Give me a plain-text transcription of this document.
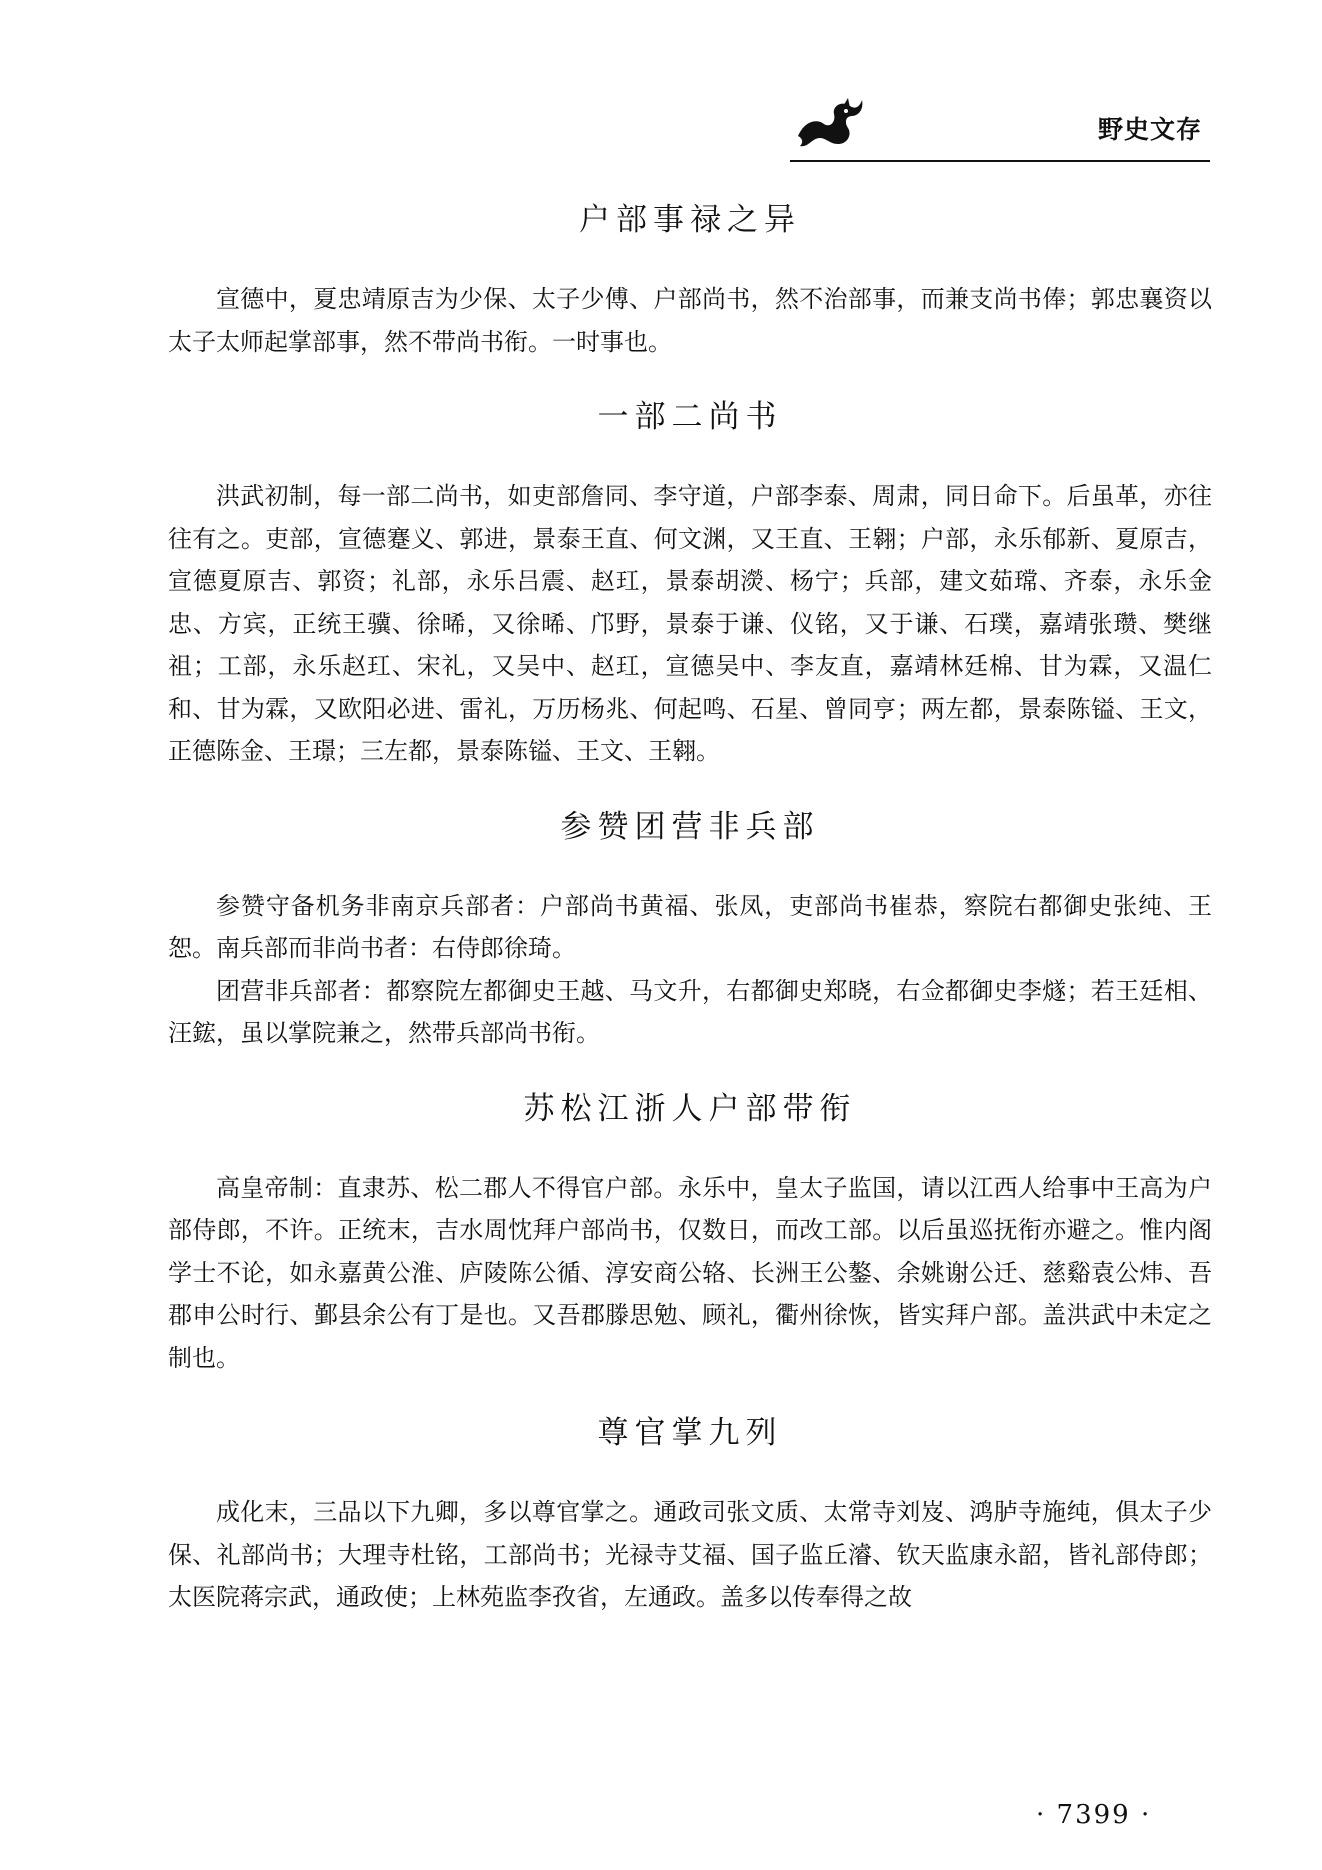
野史文存
户部事禄之异

宣德中，夏忠靖原吉为少保、太子少傅、户部尚书，然不治部事，而兼支尚书俸；郭忠襄资以太子太师起掌部事，然不带尚书衔。一时事也。

一部二尚书

洪武初制，每一部二尚书，如吏部詹同、李守道，户部李泰、周肃，同日命下。后虽革，亦往往有之。吏部，宣德蹇义、郭进，景泰王直、何文渊，又王直、王翱；户部，永乐郁新、夏原吉，宣德夏原吉、郭资；礼部，永乐吕震、赵玒，景泰胡濙、杨宁；兵部，建文茹瑺、齐泰，永乐金忠、方宾，正统王骥、徐晞，又徐晞、邝野，景泰于谦、仪铭，又于谦、石璞，嘉靖张瓒、樊继祖；工部，永乐赵玒、宋礼，又吴中、赵玒，宣德吴中、李友直，嘉靖林廷棉、甘为霖，又温仁和、甘为霖，又欧阳必进、雷礼，万历杨兆、何起鸣、石星、曾同亨；两左都，景泰陈镒、王文，正德陈金、王璟；三左都，景泰陈镒、王文、王翱。

参赞团营非兵部

参赞守备机务非南京兵部者：户部尚书黄福、张凤，吏部尚书崔恭，察院右都御史张纯、王恕。南兵部而非尚书者：右侍郎徐琦。

团营非兵部者：都察院左都御史王越、马文升，右都御史郑晓，右佥都御史李燧；若王廷相、汪鋐，虽以掌院兼之，然带兵部尚书衔。

苏松江浙人户部带衔

高皇帝制：直隶苏、松二郡人不得官户部。永乐中，皇太子监国，请以江西人给事中王高为户部侍郎，不许。正统末，吉水周忱拜户部尚书，仅数日，而改工部。以后虽巡抚衔亦避之。惟内阁学士不论，如永嘉黄公淮、庐陵陈公循、淳安商公辂、长洲王公鏊、余姚谢公迁、慈谿袁公炜、吾郡申公时行、鄞县余公有丁是也。又吾郡滕思勉、顾礼，衢州徐恢，皆实拜户部。盖洪武中未定之制也。

尊官掌九列

成化末，三品以下九卿，多以尊官掌之。通政司张文质、太常寺刘岌、鸿胪寺施纯，俱太子少保、礼部尚书；大理寺杜铭，工部尚书；光禄寺艾福、国子监丘濬、钦天监康永韶，皆礼部侍郎；太医院蒋宗武，通政使；上林苑监李孜省，左通政。盖多以传奉得之故

· 7399 ·
